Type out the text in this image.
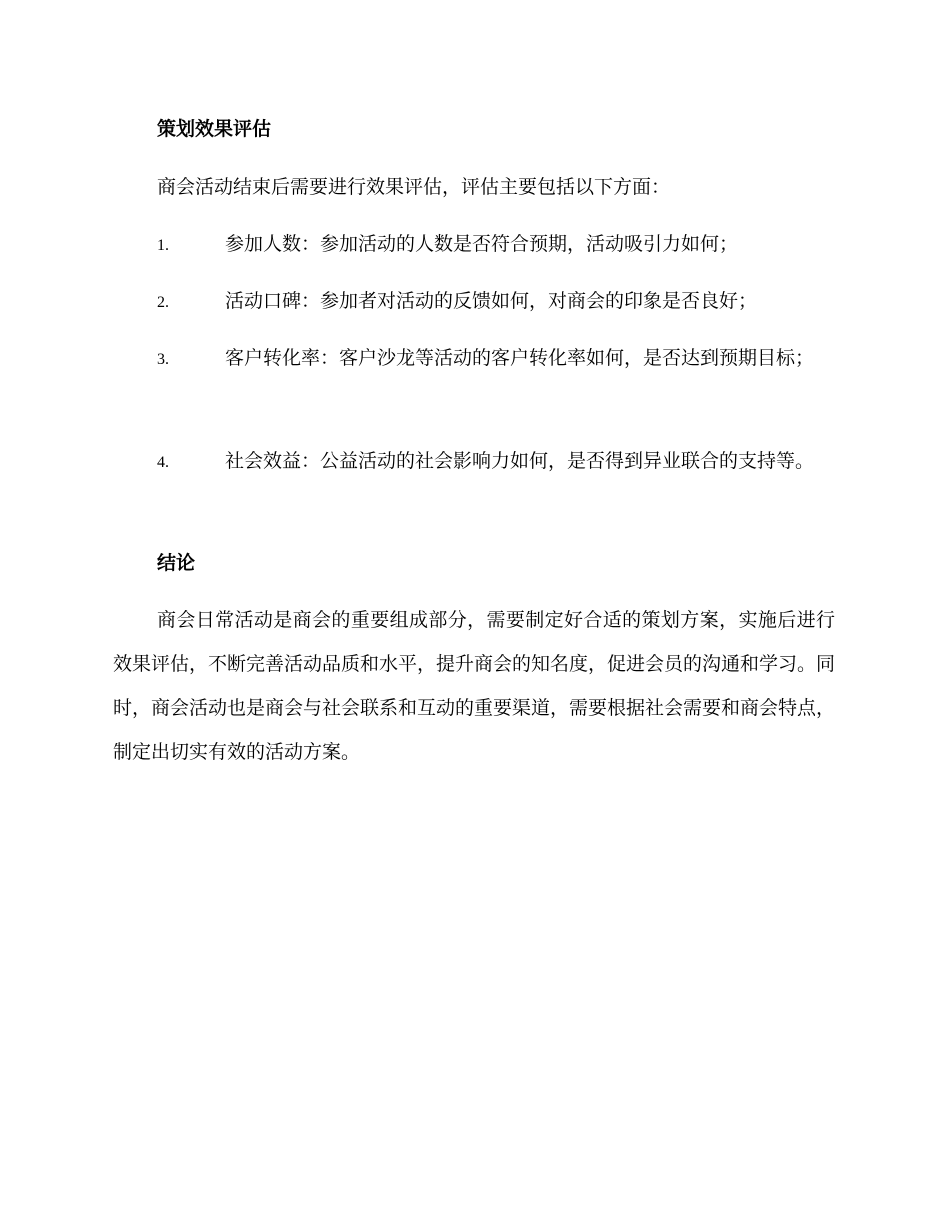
策划效果评估
商会活动结束后需要进行效果评估，评估主要包括以下方面：
1.	参加人数：参加活动的人数是否符合预期，活动吸引力如何；
2.	活动口碑：参加者对活动的反馈如何，对商会的印象是否良好；
3.	客户转化率：客户沙龙等活动的客户转化率如何，是否达到预期目标；
4.	社会效益：公益活动的社会影响力如何，是否得到异业联合的支持等。
结论
商会日常活动是商会的重要组成部分，需要制定好合适的策划方案，实施后进行效果评估，不断完善活动品质和水平，提升商会的知名度，促进会员的沟通和学习。同时，商会活动也是商会与社会联系和互动的重要渠道，需要根据社会需要和商会特点，制定出切实有效的活动方案。
